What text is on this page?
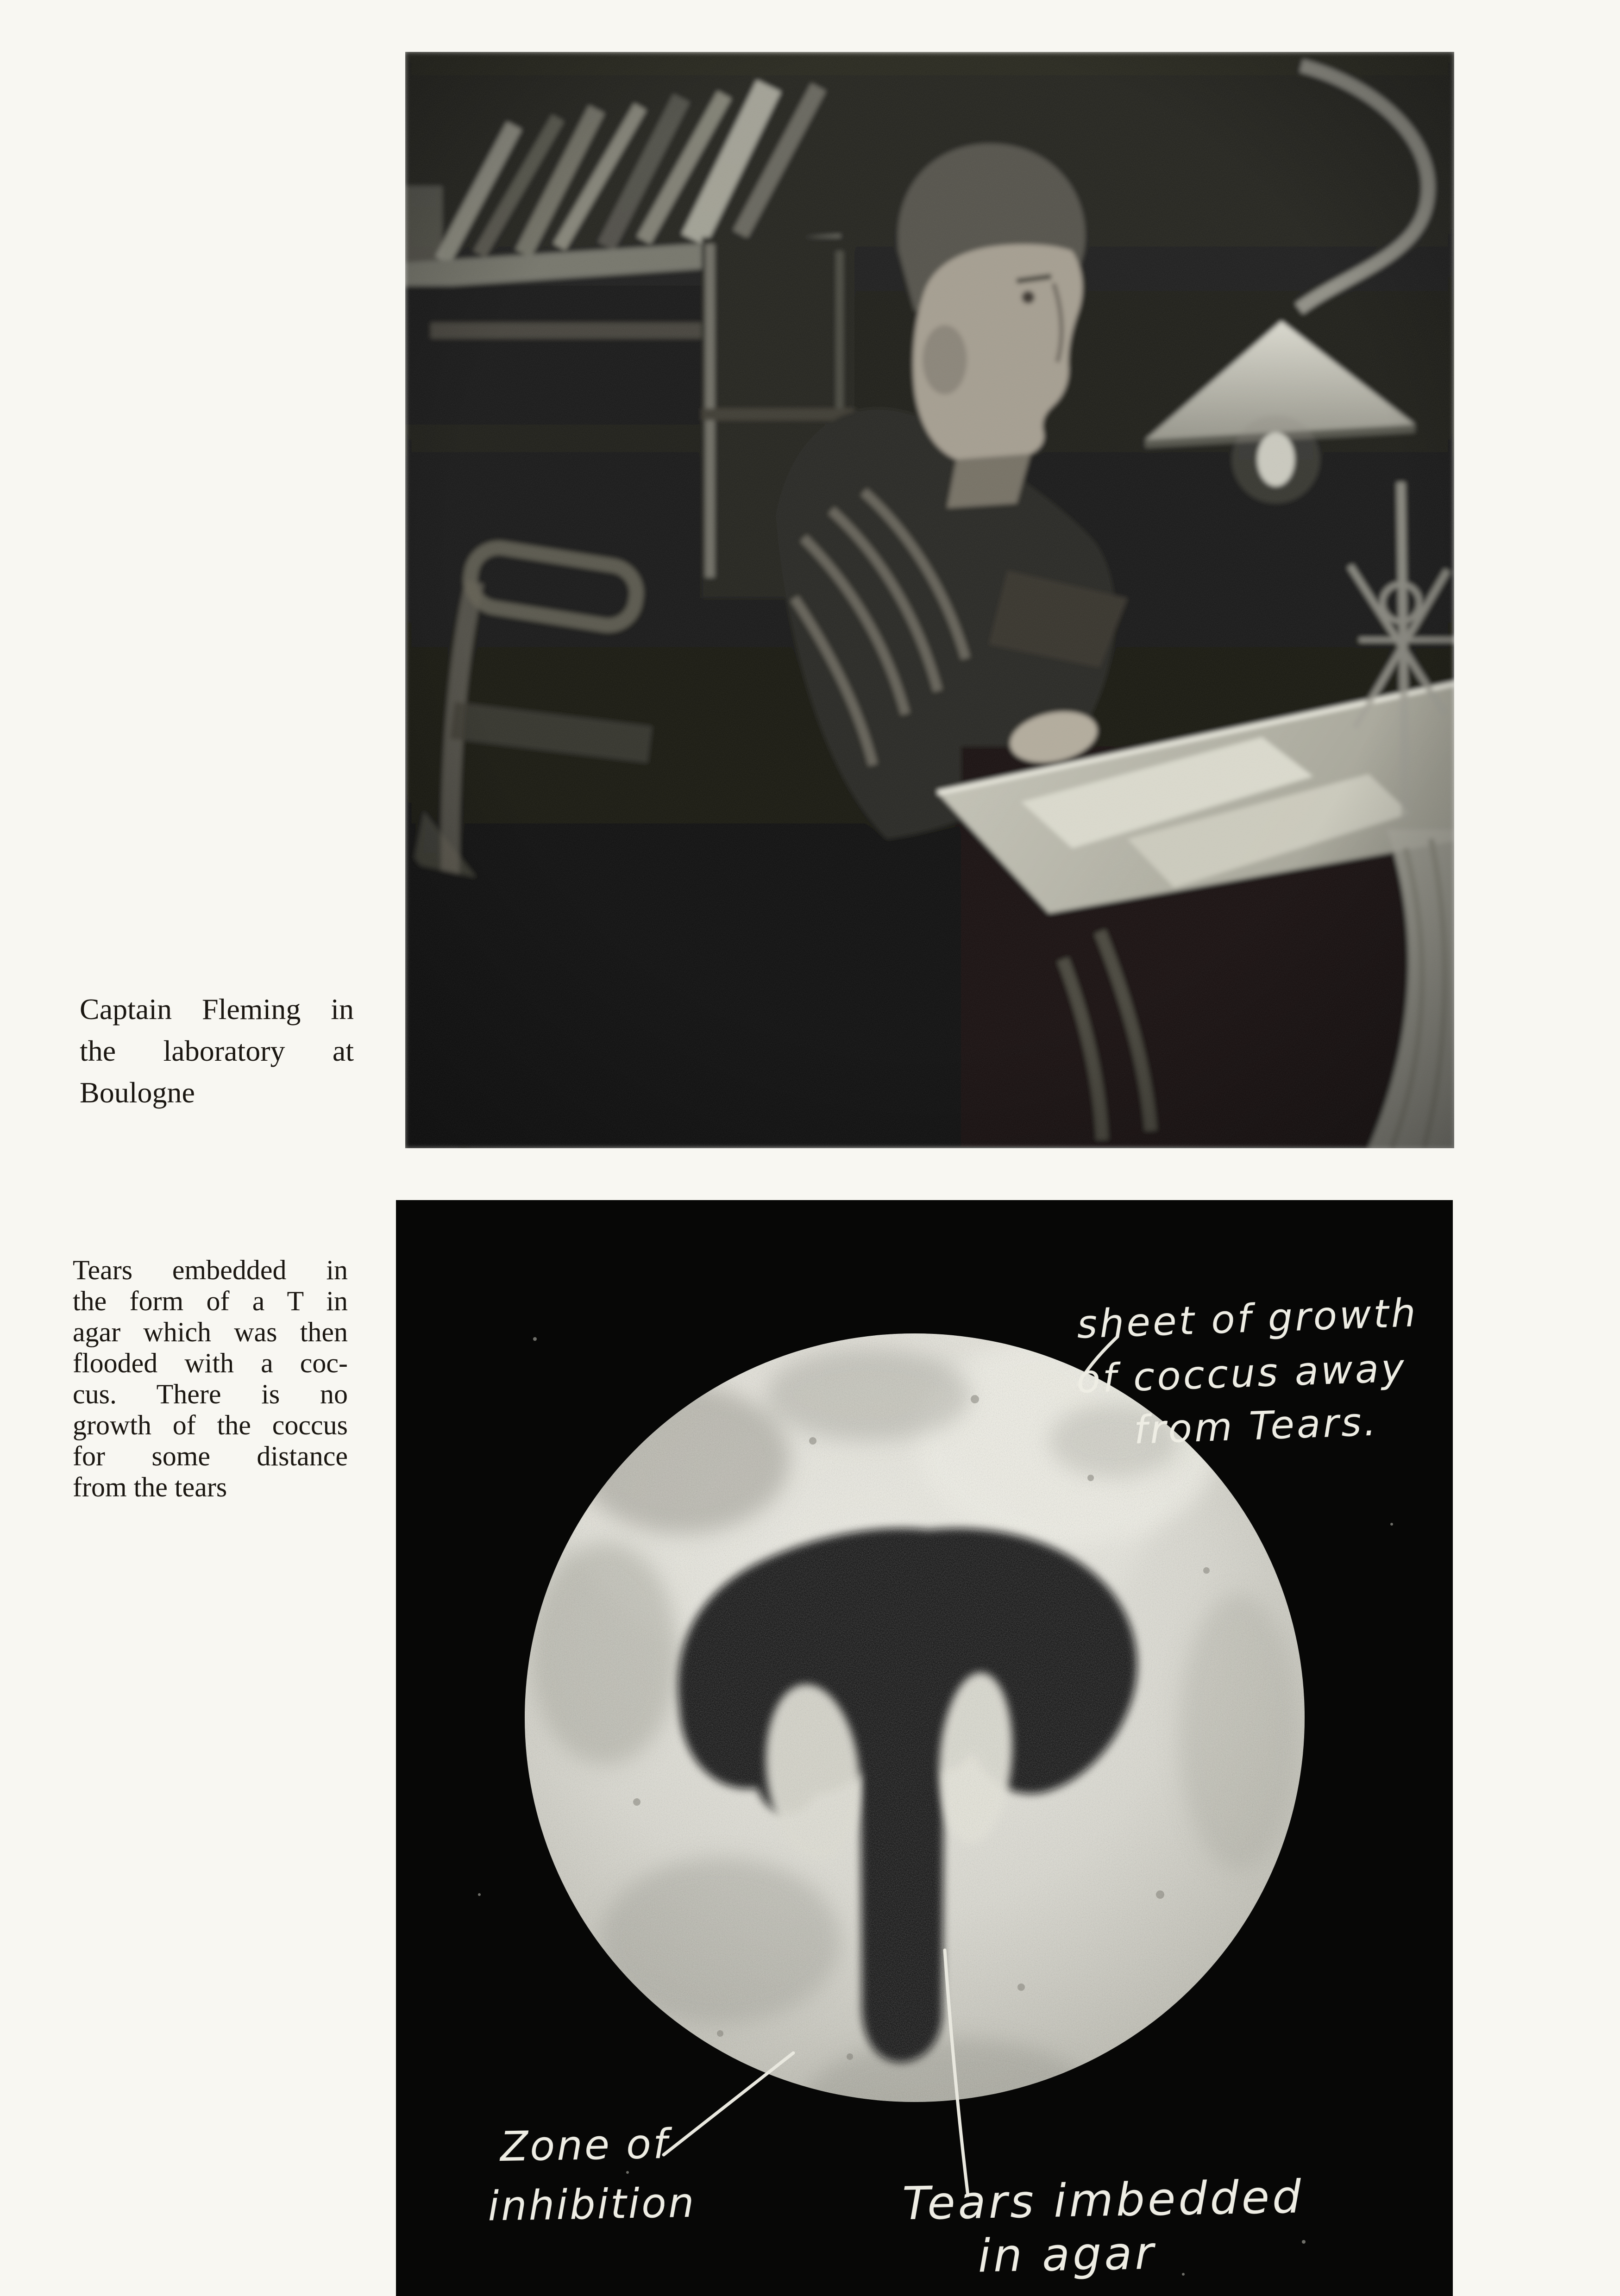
Captain Fleming in
the laboratory at
Boulogne
Tears embedded in
the form of a T in
agar which was then
flooded with a coc-
cus. There is no
growth of the coccus
for some distance
from the tears
sheet of growth
of coccus away
from Tears.
Zone of
inhibition	Tears imbedded
in agar
